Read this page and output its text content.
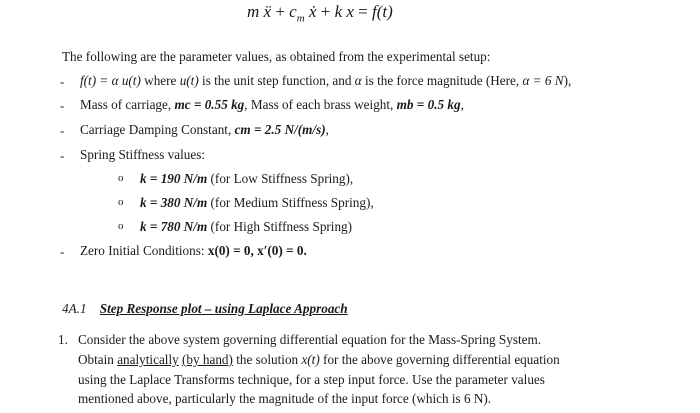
m ẍ + $c_m$ ẋ + k x = f(t)
The following are the parameter values, as obtained from the experimental setup:
- f(t) = α u(t) where u(t) is the unit step function, and α is the force magnitude (Here, α = 6 N),
- Mass of carriage, mc = 0.55 kg, Mass of each brass weight, mb = 0.5 kg,
- Carriage Damping Constant, cm = 2.5 N/(m/s),
- Spring Stiffness values:
o k = 190 N/m (for Low Stiffness Spring),
o k = 380 N/m (for Medium Stiffness Spring),
o k = 780 N/m (for High Stiffness Spring)
- Zero Initial Conditions: x(0) = 0, x′(0) = 0.
4A.1 Step Response plot – using Laplace Approach
1. Consider the above system governing differential equation for the Mass-Spring System.
Obtain analytically (by hand) the solution x(t) for the above governing differential equation
using the Laplace Transforms technique, for a step input force. Use the parameter values
mentioned above, particularly the magnitude of the input force (which is 6 N).
